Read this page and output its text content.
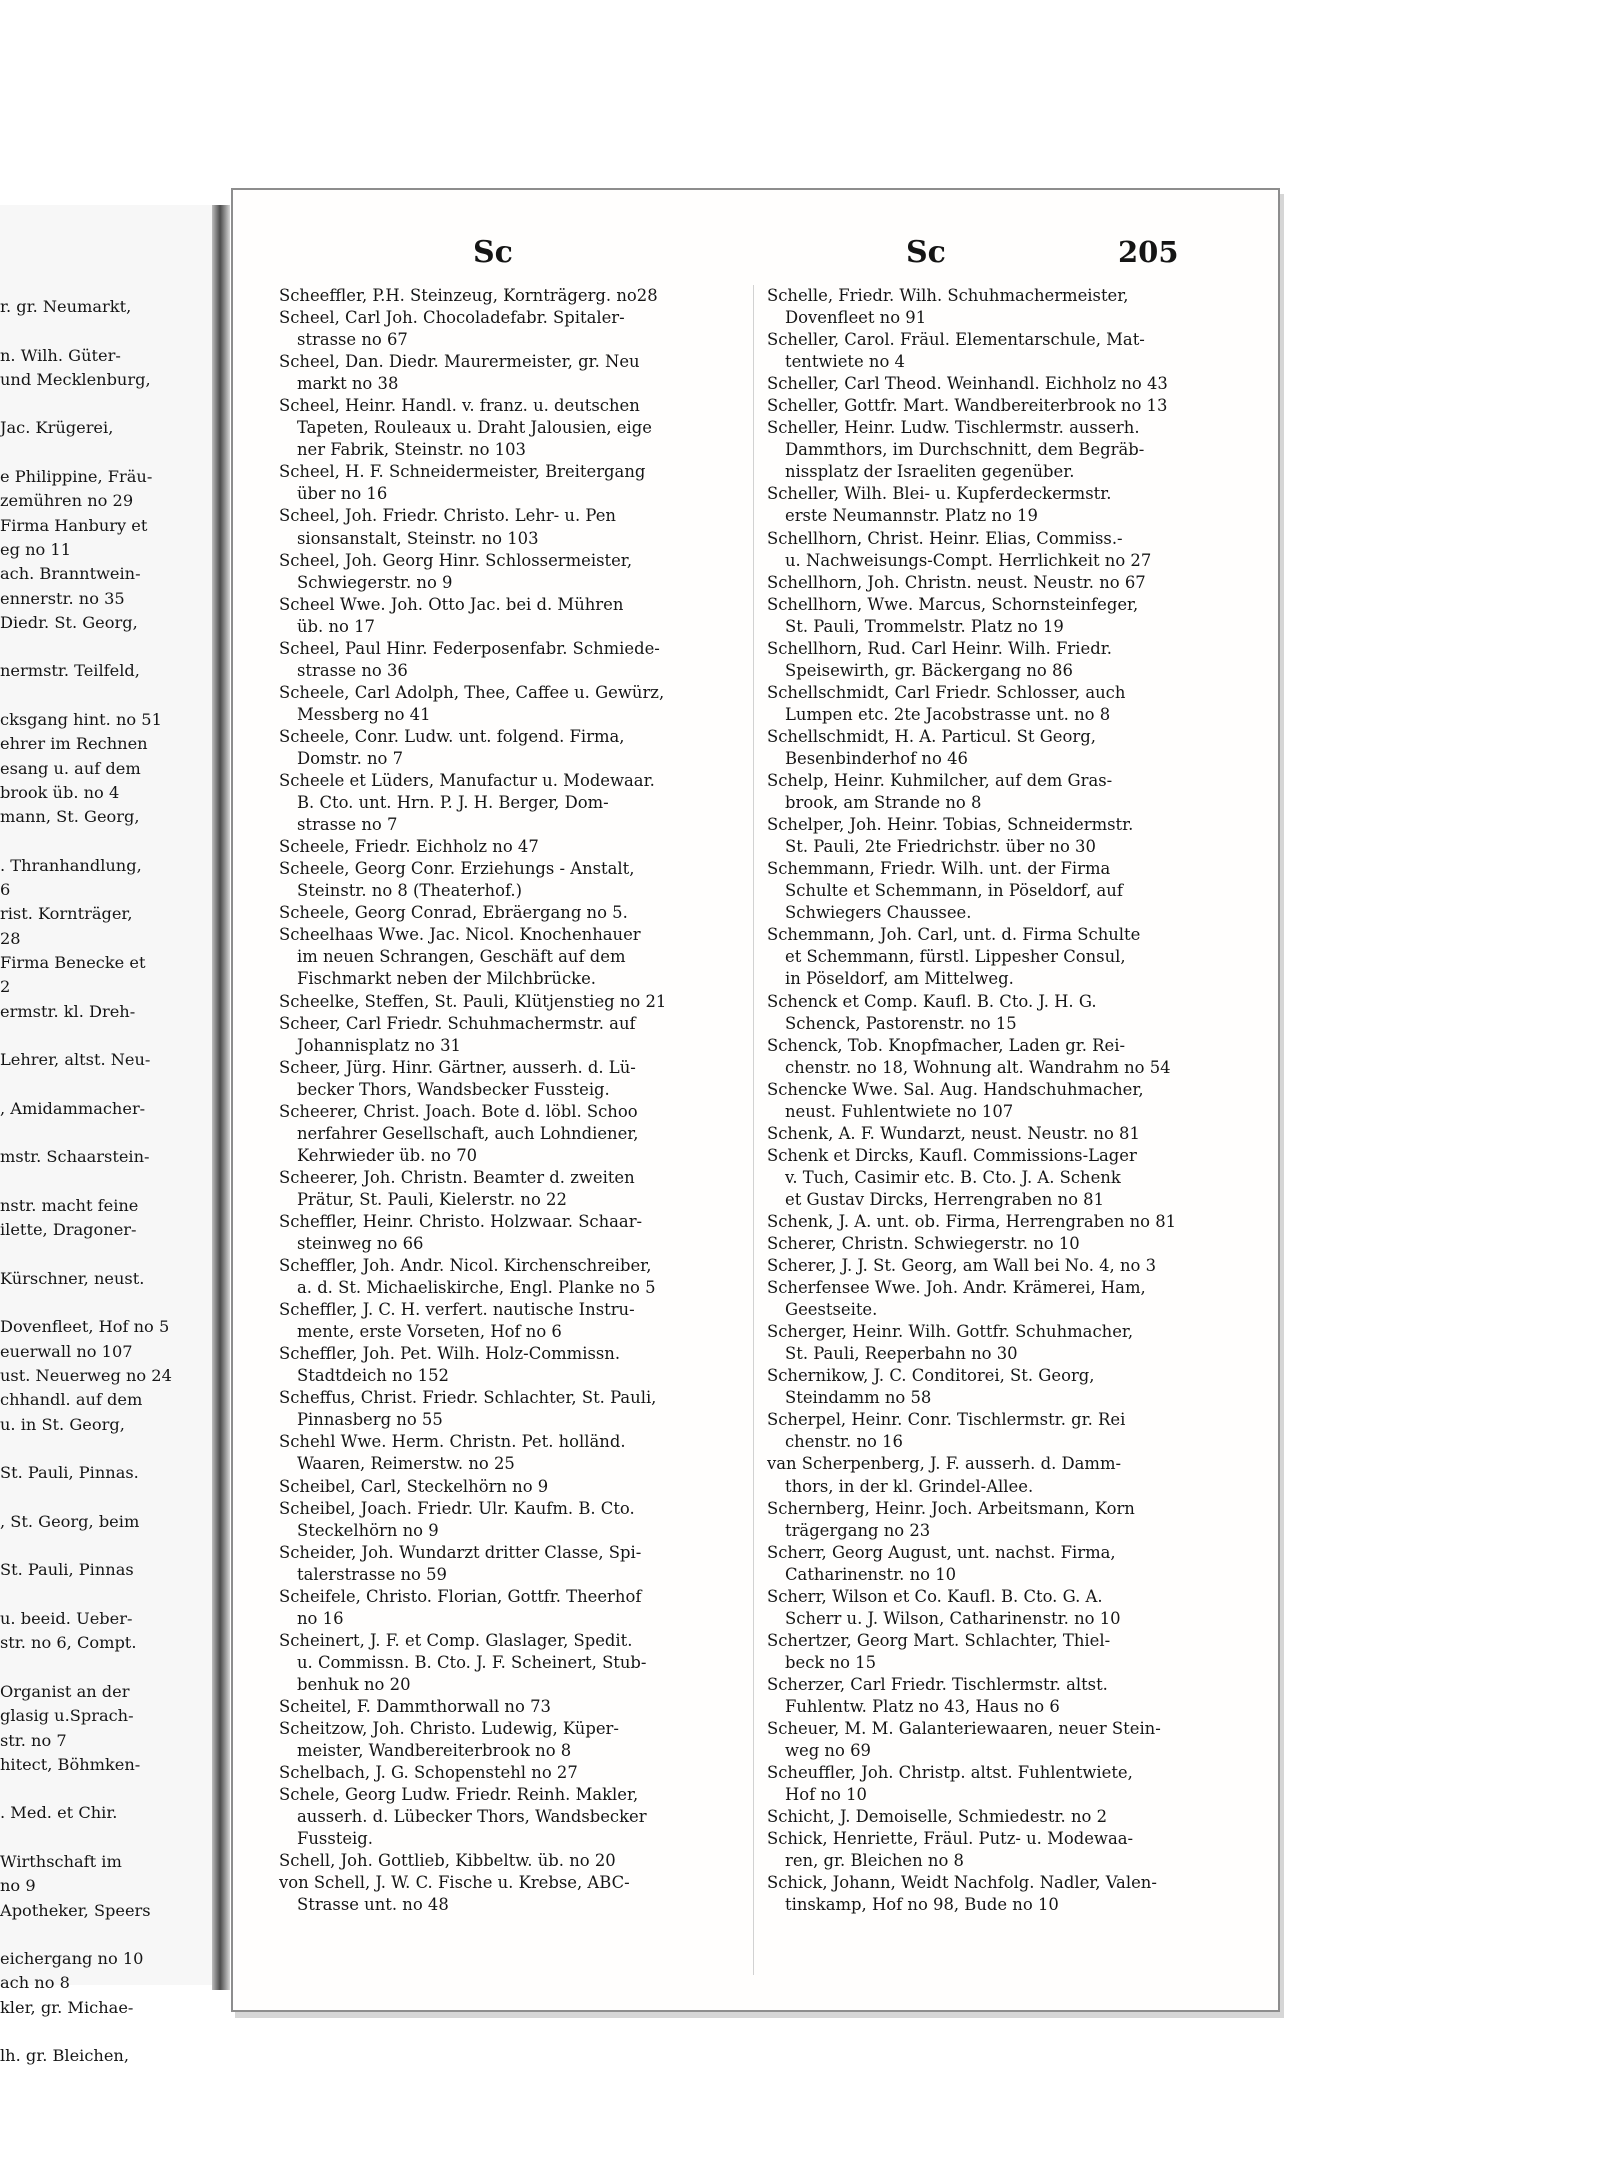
r. gr. Neumarkt,

n. Wilh. Güter-
und Mecklenburg,

Jac. Krügerei,

e Philippine, Fräu-
zemühren no 29
Firma Hanbury et
eg no 11
ach. Branntwein-
ennerstr. no 35
Diedr. St. Georg,

nermstr. Teilfeld,

cksgang hint. no 51
ehrer im Rechnen
esang u. auf dem
brook üb. no 4
mann, St. Georg,

. Thranhandlung,
6
rist. Kornträger,
28
Firma Benecke et
2
ermstr. kl. Dreh-

Lehrer, altst. Neu-

, Amidammacher-

mstr. Schaarstein-

nstr. macht feine
ilette, Dragoner-

Kürschner, neust.

Dovenfleet, Hof no 5
euerwall no 107
ust. Neuerweg no 24
chhandl. auf dem
u. in St. Georg,

St. Pauli, Pinnas.

, St. Georg, beim

St. Pauli, Pinnas

u. beeid. Ueber-
str. no 6, Compt.

Organist an der
glasig u.Sprach-
str. no 7
hitect, Böhmken-

. Med. et Chir.

Wirthschaft im
no 9
Apotheker, Speers

eichergang no 10
ach no 8
kler, gr. Michae-

lh. gr. Bleichen,
Sc	Sc	205
Scheeffler, P.H. Steinzeug, Kornträgerg. no28
Scheel, Carl Joh. Chocoladefabr. Spitaler-
strasse no 67
Scheel, Dan. Diedr. Maurermeister, gr. Neu
markt no 38
Scheel, Heinr. Handl. v. franz. u. deutschen
Tapeten, Rouleaux u. Draht Jalousien, eige
ner Fabrik, Steinstr. no 103
Scheel, H. F. Schneidermeister, Breitergang
über no 16
Scheel, Joh. Friedr. Christo. Lehr- u. Pen
sionsanstalt, Steinstr. no 103
Scheel, Joh. Georg Hinr. Schlossermeister,
Schwiegerstr. no 9
Scheel Wwe. Joh. Otto Jac. bei d. Mühren
üb. no 17
Scheel, Paul Hinr. Federposenfabr. Schmiede-
strasse no 36
Scheele, Carl Adolph, Thee, Caffee u. Gewürz,
Messberg no 41
Scheele, Conr. Ludw. unt. folgend. Firma,
Domstr. no 7
Scheele et Lüders, Manufactur u. Modewaar.
B. Cto. unt. Hrn. P. J. H. Berger, Dom-
strasse no 7
Scheele, Friedr. Eichholz no 47
Scheele, Georg Conr. Erziehungs - Anstalt,
Steinstr. no 8 (Theaterhof.)
Scheele, Georg Conrad, Ebräergang no 5.
Scheelhaas Wwe. Jac. Nicol. Knochenhauer
im neuen Schrangen, Geschäft auf dem
Fischmarkt neben der Milchbrücke.
Scheelke, Steffen, St. Pauli, Klütjenstieg no 21
Scheer, Carl Friedr. Schuhmachermstr. auf
Johannisplatz no 31
Scheer, Jürg. Hinr. Gärtner, ausserh. d. Lü-
becker Thors, Wandsbecker Fussteig.
Scheerer, Christ. Joach. Bote d. löbl. Schoo
nerfahrer Gesellschaft, auch Lohndiener,
Kehrwieder üb. no 70
Scheerer, Joh. Christn. Beamter d. zweiten
Prätur, St. Pauli, Kielerstr. no 22
Scheffler, Heinr. Christo. Holzwaar. Schaar-
steinweg no 66
Scheffler, Joh. Andr. Nicol. Kirchenschreiber,
a. d. St. Michaeliskirche, Engl. Planke no 5
Scheffler, J. C. H. verfert. nautische Instru-
mente, erste Vorseten, Hof no 6
Scheffler, Joh. Pet. Wilh. Holz-Commissn.
Stadtdeich no 152
Scheffus, Christ. Friedr. Schlachter, St. Pauli,
Pinnasberg no 55
Schehl Wwe. Herm. Christn. Pet. holländ.
Waaren, Reimerstw. no 25
Scheibel, Carl, Steckelhörn no 9
Scheibel, Joach. Friedr. Ulr. Kaufm. B. Cto.
Steckelhörn no 9
Scheider, Joh. Wundarzt dritter Classe, Spi-
talerstrasse no 59
Scheifele, Christo. Florian, Gottfr. Theerhof
no 16
Scheinert, J. F. et Comp. Glaslager, Spedit.
u. Commissn. B. Cto. J. F. Scheinert, Stub-
benhuk no 20
Scheitel, F. Dammthorwall no 73
Scheitzow, Joh. Christo. Ludewig, Küper-
meister, Wandbereiterbrook no 8
Schelbach, J. G. Schopenstehl no 27
Schele, Georg Ludw. Friedr. Reinh. Makler,
ausserh. d. Lübecker Thors, Wandsbecker
Fussteig.
Schell, Joh. Gottlieb, Kibbeltw. üb. no 20
von Schell, J. W. C. Fische u. Krebse, ABC-
Strasse unt. no 48
Schelle, Friedr. Wilh. Schuhmachermeister,
Dovenfleet no 91
Scheller, Carol. Fräul. Elementarschule, Mat-
tentwiete no 4
Scheller, Carl Theod. Weinhandl. Eichholz no 43
Scheller, Gottfr. Mart. Wandbereiterbrook no 13
Scheller, Heinr. Ludw. Tischlermstr. ausserh.
Dammthors, im Durchschnitt, dem Begräb-
nissplatz der Israeliten gegenüber.
Scheller, Wilh. Blei- u. Kupferdeckermstr.
erste Neumannstr. Platz no 19
Schellhorn, Christ. Heinr. Elias, Commiss.-
u. Nachweisungs-Compt. Herrlichkeit no 27
Schellhorn, Joh. Christn. neust. Neustr. no 67
Schellhorn, Wwe. Marcus, Schornsteinfeger,
St. Pauli, Trommelstr. Platz no 19
Schellhorn, Rud. Carl Heinr. Wilh. Friedr.
Speisewirth, gr. Bäckergang no 86
Schellschmidt, Carl Friedr. Schlosser, auch
Lumpen etc. 2te Jacobstrasse unt. no 8
Schellschmidt, H. A. Particul. St Georg,
Besenbinderhof no 46
Schelp, Heinr. Kuhmilcher, auf dem Gras-
brook, am Strande no 8
Schelper, Joh. Heinr. Tobias, Schneidermstr.
St. Pauli, 2te Friedrichstr. über no 30
Schemmann, Friedr. Wilh. unt. der Firma
Schulte et Schemmann, in Pöseldorf, auf
Schwiegers Chaussee.
Schemmann, Joh. Carl, unt. d. Firma Schulte
et Schemmann, fürstl. Lippesher Consul,
in Pöseldorf, am Mittelweg.
Schenck et Comp. Kaufl. B. Cto. J. H. G.
Schenck, Pastorenstr. no 15
Schenck, Tob. Knopfmacher, Laden gr. Rei-
chenstr. no 18, Wohnung alt. Wandrahm no 54
Schencke Wwe. Sal. Aug. Handschuhmacher,
neust. Fuhlentwiete no 107
Schenk, A. F. Wundarzt, neust. Neustr. no 81
Schenk et Dircks, Kaufl. Commissions-Lager
v. Tuch, Casimir etc. B. Cto. J. A. Schenk
et Gustav Dircks, Herrengraben no 81
Schenk, J. A. unt. ob. Firma, Herrengraben no 81
Scherer, Christn. Schwiegerstr. no 10
Scherer, J. J. St. Georg, am Wall bei No. 4, no 3
Scherfensee Wwe. Joh. Andr. Krämerei, Ham,
Geestseite.
Scherger, Heinr. Wilh. Gottfr. Schuhmacher,
St. Pauli, Reeperbahn no 30
Schernikow, J. C. Conditorei, St. Georg,
Steindamm no 58
Scherpel, Heinr. Conr. Tischlermstr. gr. Rei
chenstr. no 16
van Scherpenberg, J. F. ausserh. d. Damm-
thors, in der kl. Grindel-Allee.
Schernberg, Heinr. Joch. Arbeitsmann, Korn
trägergang no 23
Scherr, Georg August, unt. nachst. Firma,
Catharinenstr. no 10
Scherr, Wilson et Co. Kaufl. B. Cto. G. A.
Scherr u. J. Wilson, Catharinenstr. no 10
Schertzer, Georg Mart. Schlachter, Thiel-
beck no 15
Scherzer, Carl Friedr. Tischlermstr. altst.
Fuhlentw. Platz no 43, Haus no 6
Scheuer, M. M. Galanteriewaaren, neuer Stein-
weg no 69
Scheuffler, Joh. Christp. altst. Fuhlentwiete,
Hof no 10
Schicht, J. Demoiselle, Schmiedestr. no 2
Schick, Henriette, Fräul. Putz- u. Modewaa-
ren, gr. Bleichen no 8
Schick, Johann, Weidt Nachfolg. Nadler, Valen-
tinskamp, Hof no 98, Bude no 10
